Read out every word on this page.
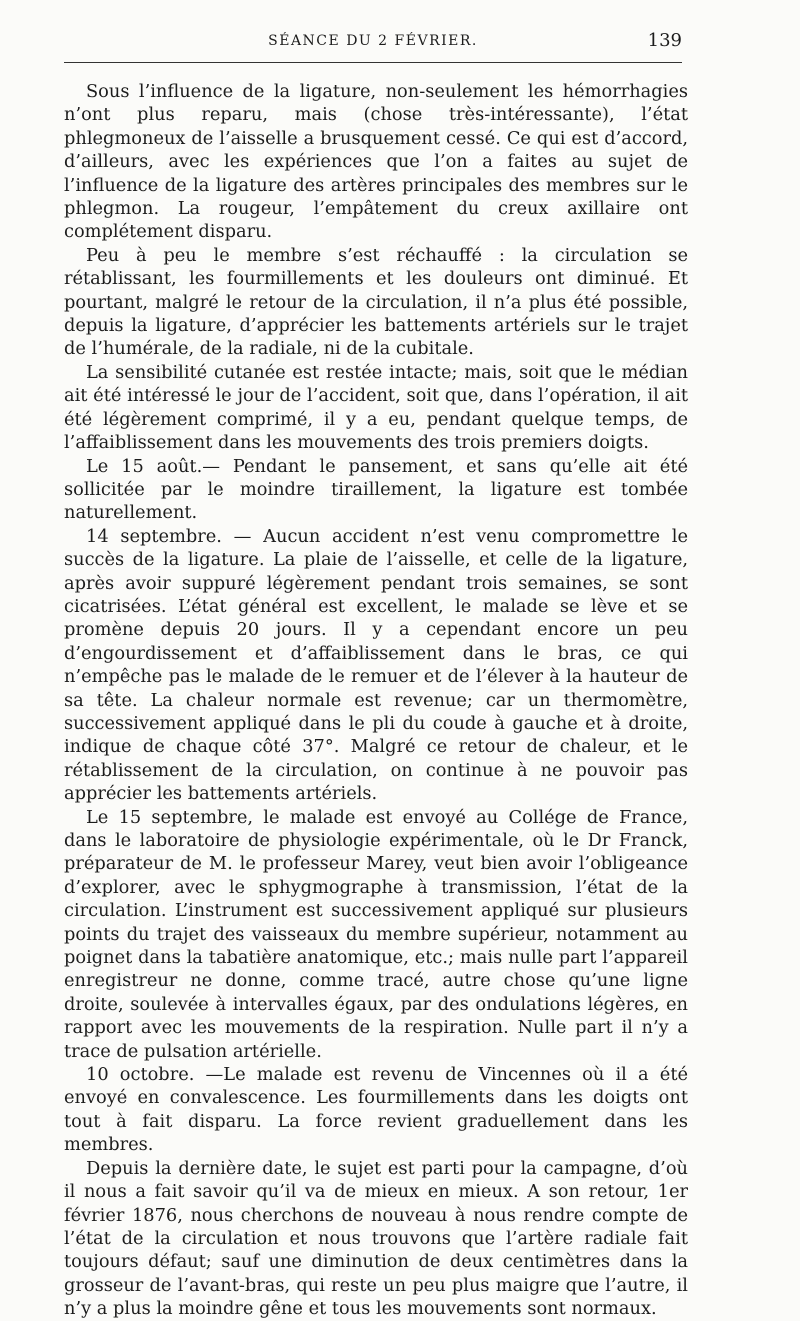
SÉANCE DU 2 FÉVRIER.	139

Sous l’influence de la ligature, non-seulement les hémorrhagies n’ont plus reparu, mais (chose très-intéressante), l’état phlegmoneux de l’aisselle a brusquement cessé. Ce qui est d’accord, d’ailleurs, avec les expériences que l’on a faites au sujet de l’influence de la ligature des artères principales des membres sur le phlegmon. La rougeur, l’empâtement du creux axillaire ont complétement disparu.

Peu à peu le membre s’est réchauffé : la circulation se rétablissant, les fourmillements et les douleurs ont diminué. Et pourtant, malgré le retour de la circulation, il n’a plus été possible, depuis la ligature, d’apprécier les battements artériels sur le trajet de l’humérale, de la radiale, ni de la cubitale.

La sensibilité cutanée est restée intacte; mais, soit que le médian ait été intéressé le jour de l’accident, soit que, dans l’opération, il ait été légèrement comprimé, il y a eu, pendant quelque temps, de l’affaiblissement dans les mouvements des trois premiers doigts.

Le 15 août.— Pendant le pansement, et sans qu’elle ait été sollicitée par le moindre tiraillement, la ligature est tombée naturellement.

14 septembre. — Aucun accident n’est venu compromettre le succès de la ligature. La plaie de l’aisselle, et celle de la ligature, après avoir suppuré légèrement pendant trois semaines, se sont cicatrisées. L’état général est excellent, le malade se lève et se promène depuis 20 jours. Il y a cependant encore un peu d’engourdissement et d’affaiblissement dans le bras, ce qui n’empêche pas le malade de le remuer et de l’élever à la hauteur de sa tête. La chaleur normale est revenue; car un thermomètre, successivement appliqué dans le pli du coude à gauche et à droite, indique de chaque côté 37°. Malgré ce retour de chaleur, et le rétablissement de la circulation, on continue à ne pouvoir pas apprécier les battements artériels.

Le 15 septembre, le malade est envoyé au Collége de France, dans le laboratoire de physiologie expérimentale, où le Dr Franck, préparateur de M. le professeur Marey, veut bien avoir l’obligeance d’explorer, avec le sphygmographe à transmission, l’état de la circulation. L’instrument est successivement appliqué sur plusieurs points du trajet des vaisseaux du membre supérieur, notamment au poignet dans la tabatière anatomique, etc.; mais nulle part l’appareil enregistreur ne donne, comme tracé, autre chose qu’une ligne droite, soulevée à intervalles égaux, par des ondulations légères, en rapport avec les mouvements de la respiration. Nulle part il n’y a trace de pulsation artérielle.

10 octobre. —Le malade est revenu de Vincennes où il a été envoyé en convalescence. Les fourmillements dans les doigts ont tout à fait disparu. La force revient graduellement dans les membres.

Depuis la dernière date, le sujet est parti pour la campagne, d’où il nous a fait savoir qu’il va de mieux en mieux. A son retour, 1er février 1876, nous cherchons de nouveau à nous rendre compte de l’état de la circulation et nous trouvons que l’artère radiale fait toujours défaut; sauf une diminution de deux centimètres dans la grosseur de l’avant-bras, qui reste un peu plus maigre que l’autre, il n’y a plus la moindre gêne et tous les mouvements sont normaux.
